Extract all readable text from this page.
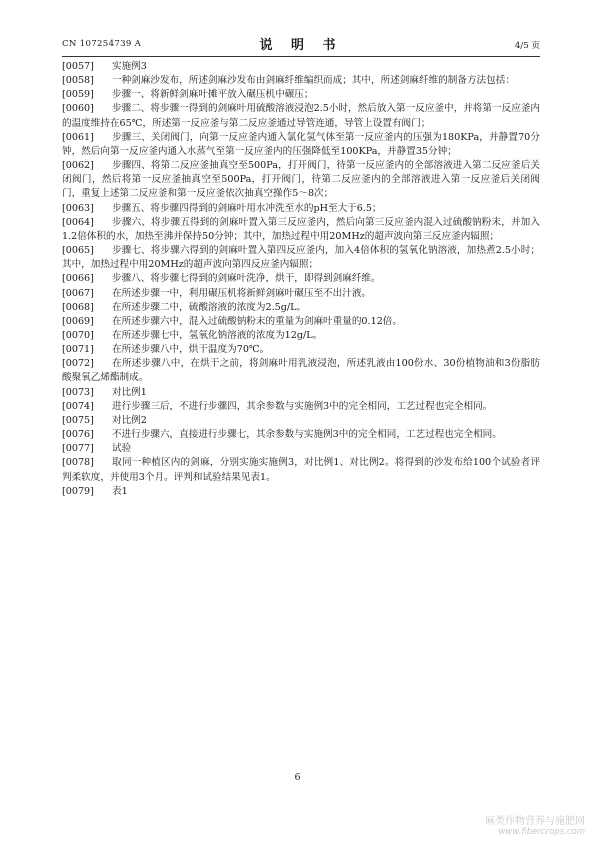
CN 107254739 A	说 明 书	4/5 页
[0057]	实施例3
[0058]	一种剑麻沙发布，所述剑麻沙发布由剑麻纤维编织而成；其中，所述剑麻纤维的制备方法包括：
[0059]	步骤一、将新鲜剑麻叶摊平放入碾压机中碾压；
[0060]	步骤二、将步骤一得到的剑麻叶用硫酸溶液浸泡2.5小时，然后放入第一反应釜中，并将第一反应釜内的温度维持在65℃，所述第一反应釜与第二反应釜通过导管连通，导管上设置有阀门；
[0061]	步骤三、关闭阀门，向第一反应釜内通入氯化氢气体至第一反应釜内的压强为180KPa，并静置70分钟，然后向第一反应釜内通入水蒸气至第一反应釜内的压强降低至100KPa，并静置35分钟；
[0062]	步骤四、将第二反应釜抽真空至500Pa，打开阀门，待第一反应釜内的全部溶液进入第二反应釜后关闭阀门，然后将第一反应釜抽真空至500Pa，打开阀门，待第二反应釜内的全部溶液进入第一反应釜后关闭阀门，重复上述第二反应釜和第一反应釜依次抽真空操作5～8次；
[0063]	步骤五、将步骤四得到的剑麻叶用水冲洗至水的pH至大于6.5；
[0064]	步骤六、将步骤五得到的剑麻叶置入第三反应釜内，然后向第三反应釜内混入过硫酸钠粉末，并加入1.2倍体积的水，加热至沸并保持50分钟；其中，加热过程中用20MHz的超声波向第三反应釜内辐照；
[0065]	步骤七、将步骤六得到的剑麻叶置入第四反应釜内，加入4倍体积的氢氧化钠溶液，加热煮2.5小时；其中，加热过程中用20MHz的超声波向第四反应釜内辐照；
[0066]	步骤八、将步骤七得到的剑麻叶洗净，烘干，即得到剑麻纤维。
[0067]	在所述步骤一中，利用碾压机将新鲜剑麻叶碾压至不出汁液。
[0068]	在所述步骤二中，硫酸溶液的浓度为2.5g/L。
[0069]	在所述步骤六中，混入过硫酸钠粉末的重量为剑麻叶重量的0.12倍。
[0070]	在所述步骤七中，氢氧化钠溶液的浓度为12g/L。
[0071]	在所述步骤八中，烘干温度为70℃。
[0072]	在所述步骤八中，在烘干之前，将剑麻叶用乳液浸泡，所述乳液由100份水、30份植物油和3份脂肪酸聚氧乙烯酯制成。
[0073]	对比例1
[0074]	进行步骤三后，不进行步骤四，其余参数与实施例3中的完全相同，工艺过程也完全相同。
[0075]	对比例2
[0076]	不进行步骤六，直接进行步骤七，其余参数与实施例3中的完全相同，工艺过程也完全相同。
[0077]	试验
[0078]	取同一种植区内的剑麻，分别实施实施例3，对比例1、对比例2。将得到的沙发布给100个试验者评判柔软度，并使用3个月。评判和试验结果见表1。
[0079]	表1
6
麻类作物营养与施肥网
www.fibercrops.com
